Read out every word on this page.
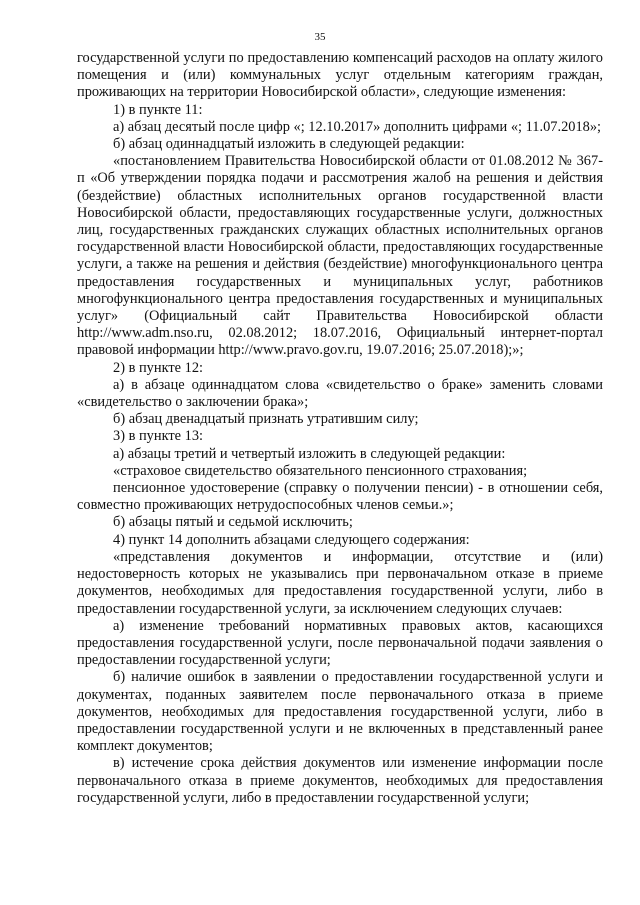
35

государственной услуги по предоставлению компенсаций расходов на оплату жилого помещения и (или) коммунальных услуг отдельным категориям граждан, проживающих на территории Новосибирской области», следующие изменения:

1) в пункте 11:

а) абзац десятый после цифр «; 12.10.2017» дополнить цифрами «; 11.07.2018»;

б) абзац одиннадцатый изложить в следующей редакции:

«постановлением Правительства Новосибирской области от 01.08.2012 № 367-п «Об утверждении порядка подачи и рассмотрения жалоб на решения и действия (бездействие) областных исполнительных органов государственной власти Новосибирской области, предоставляющих государственные услуги, должностных лиц, государственных гражданских служащих областных исполнительных органов государственной власти Новосибирской области, предоставляющих государственные услуги, а также на решения и действия (бездействие) многофункционального центра предоставления государственных и муниципальных услуг, работников многофункционального центра предоставления государственных и муниципальных услуг» (Официальный сайт Правительства Новосибирской области http://www.adm.nso.ru, 02.08.2012; 18.07.2016, Официальный интернет-портал правовой информации http://www.pravo.gov.ru, 19.07.2016; 25.07.2018);»;

2) в пункте 12:

а) в абзаце одиннадцатом слова «свидетельство о браке» заменить словами «свидетельство о заключении брака»;

б) абзац двенадцатый признать утратившим силу;

3) в пункте 13:

а) абзацы третий и четвертый изложить в следующей редакции:

«страховое свидетельство обязательного пенсионного страхования;

пенсионное удостоверение (справку о получении пенсии) - в отношении себя, совместно проживающих нетрудоспособных членов семьи.»;

б) абзацы пятый и седьмой исключить;

4) пункт 14 дополнить абзацами следующего содержания:

«представления документов и информации, отсутствие и (или) недостоверность которых не указывались при первоначальном отказе в приеме документов, необходимых для предоставления государственной услуги, либо в предоставлении государственной услуги, за исключением следующих случаев:

а) изменение требований нормативных правовых актов, касающихся предоставления государственной услуги, после первоначальной подачи заявления о предоставлении государственной услуги;

б) наличие ошибок в заявлении о предоставлении государственной услуги и документах, поданных заявителем после первоначального отказа в приеме документов, необходимых для предоставления государственной услуги, либо в предоставлении государственной услуги и не включенных в представленный ранее комплект документов;

в) истечение срока действия документов или изменение информации после первоначального отказа в приеме документов, необходимых для предоставления государственной услуги, либо в предоставлении государственной услуги;
